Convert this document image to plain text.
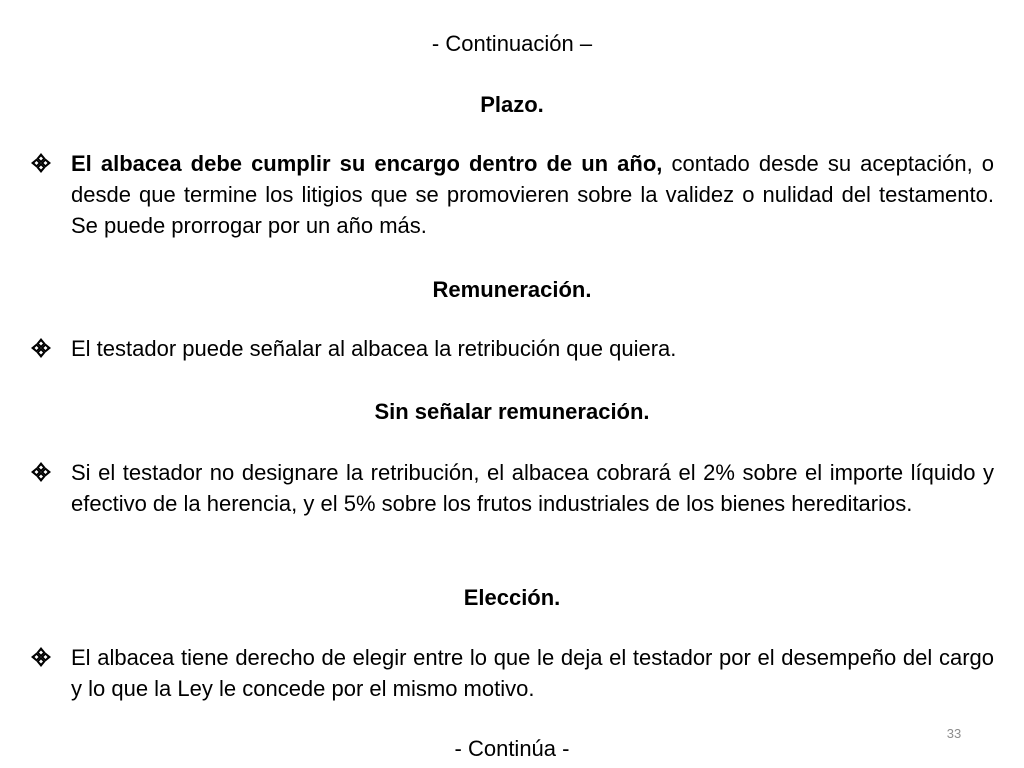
- Continuación –
Plazo.
El albacea debe cumplir su encargo dentro de un año, contado desde su aceptación, o desde que termine los litigios que se promovieren sobre la validez o nulidad del testamento. Se puede prorrogar por un año más.
Remuneración.
El testador puede señalar al albacea la retribución que quiera.
Sin señalar remuneración.
Si el testador no designare la retribución, el albacea cobrará el 2% sobre el importe líquido y efectivo de la herencia, y el 5% sobre los frutos industriales de los bienes hereditarios.
Elección.
El albacea tiene derecho de elegir entre lo que le deja el testador por el desempeño del cargo y lo que la Ley le concede por el mismo motivo.
33
- Continúa -
